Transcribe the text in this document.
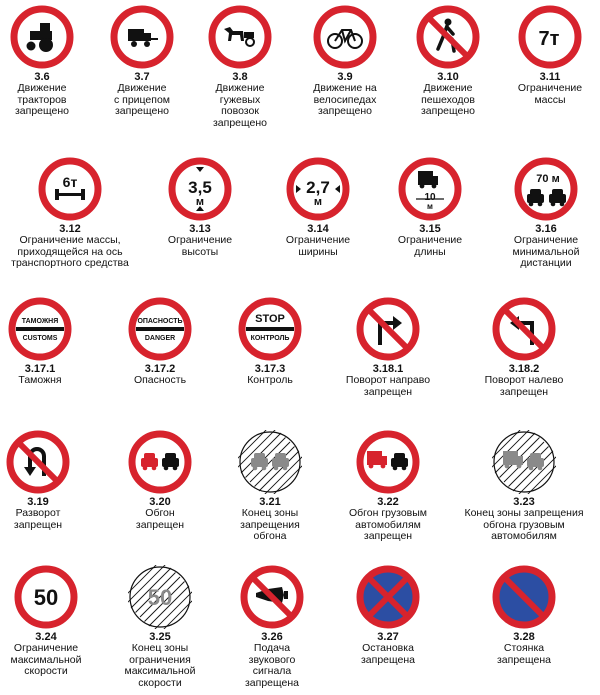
3.6
Движение
тракторов
запрещено
3.7
Движение
с прицепом
запрещено
3.8
Движение
гужевых
повозок
запрещено
3.9
Движение на
велосипедах
запрещено
3.10
Движение
пешеходов
запрещено
7т
3.11
Ограничение
массы
6т
3.12
Ограничение массы,
приходящейся на ось
транспортного средства
3,5
м
3.13
Ограничение
высоты
2,7
м
3.14
Ограничение
ширины
10
м
3.15
Ограничение
длины
70 м
3.16
Ограничение
минимальной
дистанции
ТАМОЖНЯ
CUSTOMS
3.17.1
Таможня
ОПАСНОСТЬ
DANGER
3.17.2
Опасность
STOP
КОНТРОЛЬ
3.17.3
Контроль
3.18.1
Поворот направо
запрещен
3.18.2
Поворот налево
запрещен
3.19
Разворот
запрещен
3.20
Обгон
запрещен
3.21
Конец зоны
запрещения
обгона
3.22
Обгон грузовым
автомобилям
запрещен
3.23
Конец зоны запрещения
обгона грузовым
автомобилям
50
3.24
Ограничение
максимальной
скорости
50
3.25
Конец зоны
ограничения
максимальной
скорости
3.26
Подача
звукового
сигнала
запрещена
3.27
Остановка
запрещена
3.28
Стоянка
запрещена
